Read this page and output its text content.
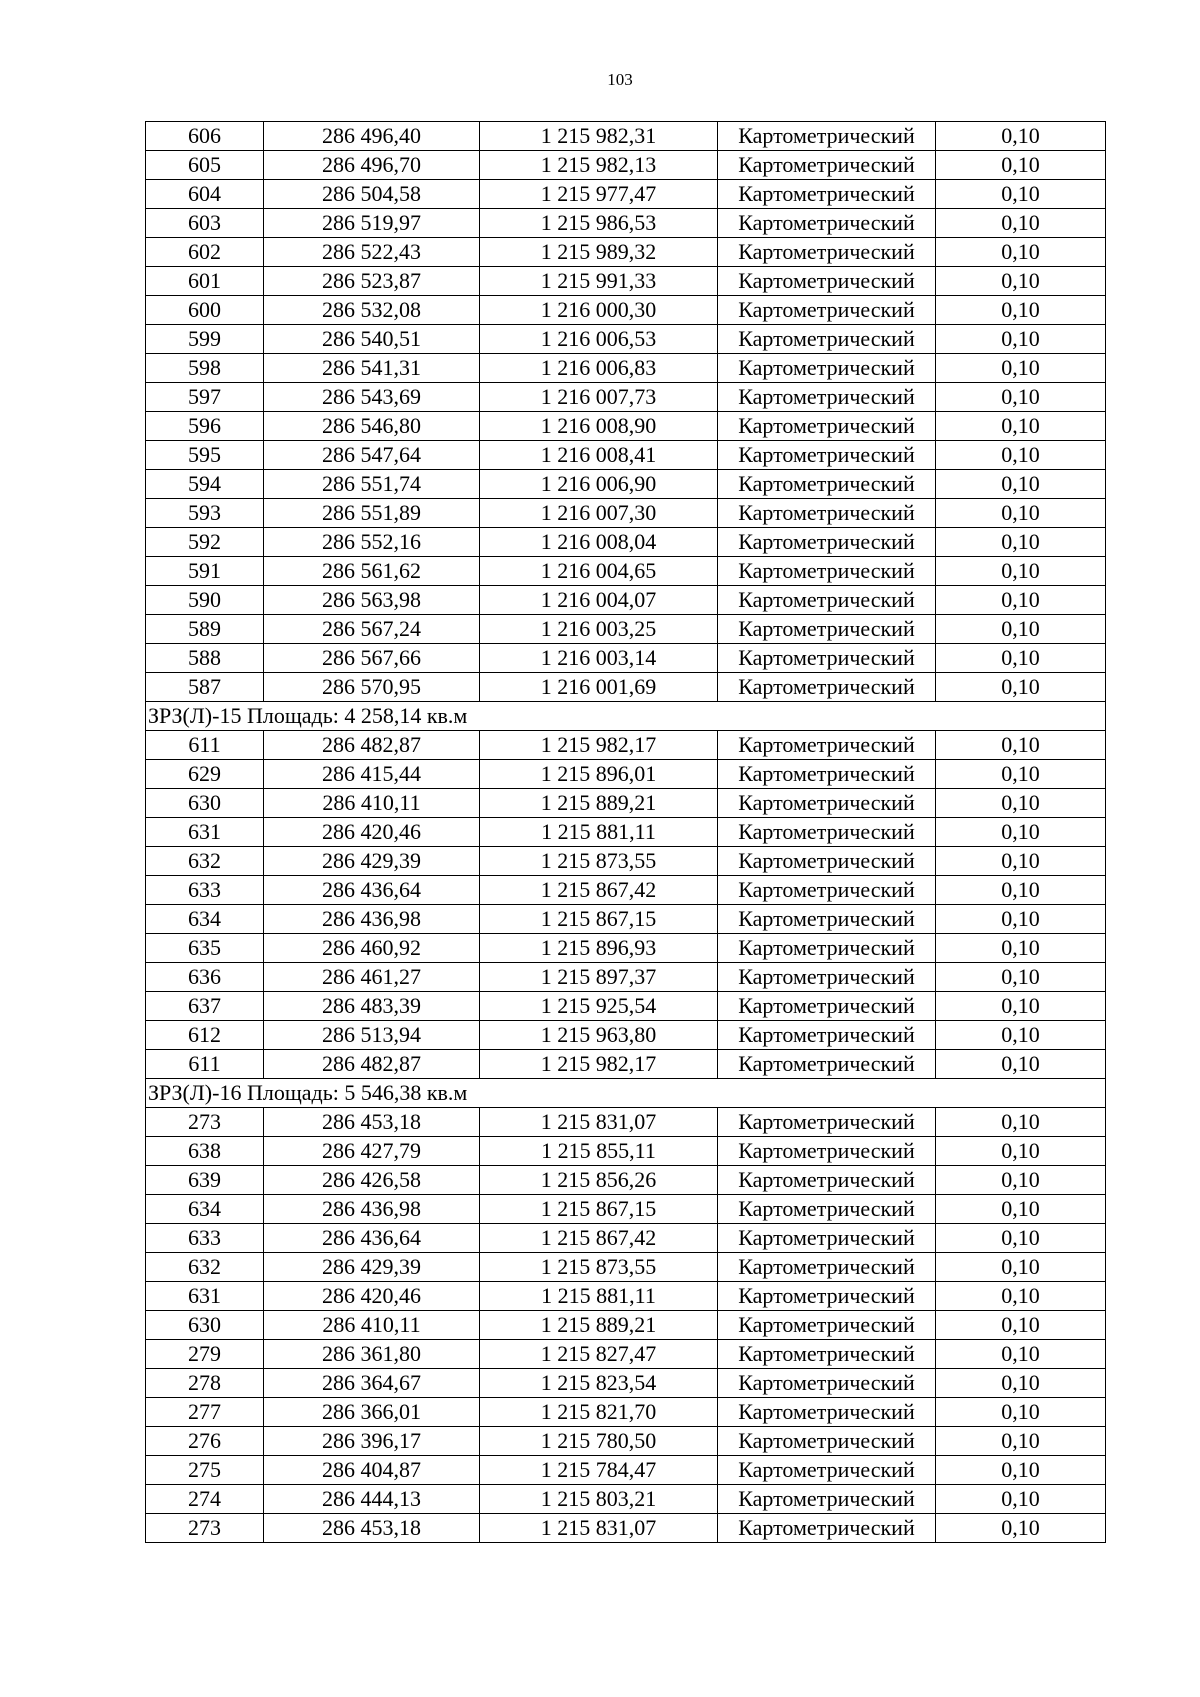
103
606	286 496,40	1 215 982,31	Картометрический	0,10
605	286 496,70	1 215 982,13	Картометрический	0,10
604	286 504,58	1 215 977,47	Картометрический	0,10
603	286 519,97	1 215 986,53	Картометрический	0,10
602	286 522,43	1 215 989,32	Картометрический	0,10
601	286 523,87	1 215 991,33	Картометрический	0,10
600	286 532,08	1 216 000,30	Картометрический	0,10
599	286 540,51	1 216 006,53	Картометрический	0,10
598	286 541,31	1 216 006,83	Картометрический	0,10
597	286 543,69	1 216 007,73	Картометрический	0,10
596	286 546,80	1 216 008,90	Картометрический	0,10
595	286 547,64	1 216 008,41	Картометрический	0,10
594	286 551,74	1 216 006,90	Картометрический	0,10
593	286 551,89	1 216 007,30	Картометрический	0,10
592	286 552,16	1 216 008,04	Картометрический	0,10
591	286 561,62	1 216 004,65	Картометрический	0,10
590	286 563,98	1 216 004,07	Картометрический	0,10
589	286 567,24	1 216 003,25	Картометрический	0,10
588	286 567,66	1 216 003,14	Картометрический	0,10
587	286 570,95	1 216 001,69	Картометрический	0,10
ЗРЗ(Л)-15 Площадь: 4 258,14 кв.м				
611	286 482,87	1 215 982,17	Картометрический	0,10
629	286 415,44	1 215 896,01	Картометрический	0,10
630	286 410,11	1 215 889,21	Картометрический	0,10
631	286 420,46	1 215 881,11	Картометрический	0,10
632	286 429,39	1 215 873,55	Картометрический	0,10
633	286 436,64	1 215 867,42	Картометрический	0,10
634	286 436,98	1 215 867,15	Картометрический	0,10
635	286 460,92	1 215 896,93	Картометрический	0,10
636	286 461,27	1 215 897,37	Картометрический	0,10
637	286 483,39	1 215 925,54	Картометрический	0,10
612	286 513,94	1 215 963,80	Картометрический	0,10
611	286 482,87	1 215 982,17	Картометрический	0,10
ЗРЗ(Л)-16 Площадь: 5 546,38 кв.м				
273	286 453,18	1 215 831,07	Картометрический	0,10
638	286 427,79	1 215 855,11	Картометрический	0,10
639	286 426,58	1 215 856,26	Картометрический	0,10
634	286 436,98	1 215 867,15	Картометрический	0,10
633	286 436,64	1 215 867,42	Картометрический	0,10
632	286 429,39	1 215 873,55	Картометрический	0,10
631	286 420,46	1 215 881,11	Картометрический	0,10
630	286 410,11	1 215 889,21	Картометрический	0,10
279	286 361,80	1 215 827,47	Картометрический	0,10
278	286 364,67	1 215 823,54	Картометрический	0,10
277	286 366,01	1 215 821,70	Картометрический	0,10
276	286 396,17	1 215 780,50	Картометрический	0,10
275	286 404,87	1 215 784,47	Картометрический	0,10
274	286 444,13	1 215 803,21	Картометрический	0,10
273	286 453,18	1 215 831,07	Картометрический	0,10
